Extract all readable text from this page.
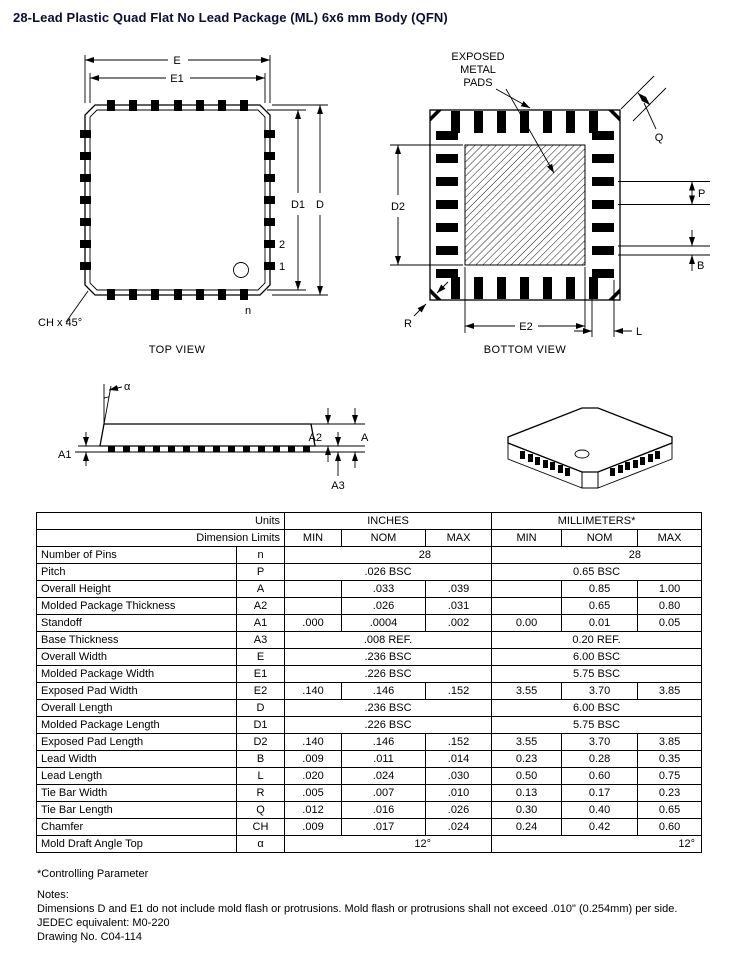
28-Lead Plastic Quad Flat No Lead Package (ML) 6x6 mm Body (QFN)
E
E1
D1 D
2
1
n
CH x 45°
TOP VIEW
EXPOSED
METAL
PADS
D2
E2
Q
P
B
L
R
BOTTOM VIEW
α
A1
A2	A
A3
Units		INCHES			MILLIMETERS*		
Dimension Limits		MIN	NOM	MAX	MIN	NOM	MAX
Number of Pins	n	28			28		
Pitch	P	.026 BSC			0.65 BSC		
Overall Height	A		.033	.039		0.85	1.00
Molded Package Thickness	A2		.026	.031		0.65	0.80
Standoff	A1	.000	.0004	.002	0.00	0.01	0.05
Base Thickness	A3	.008 REF.			0.20 REF.		
Overall Width	E	.236 BSC			6.00 BSC		
Molded Package Width	E1	.226 BSC			5.75 BSC		
Exposed Pad Width	E2	.140	.146	.152	3.55	3.70	3.85
Overall Length	D	.236 BSC			6.00 BSC		
Molded Package Length	D1	.226 BSC			5.75 BSC		
Exposed Pad Length	D2	.140	.146	.152	3.55	3.70	3.85
Lead Width	B	.009	.011	.014	0.23	0.28	0.35
Lead Length	L	.020	.024	.030	0.50	0.60	0.75
Tie Bar Width	R	.005	.007	.010	0.13	0.17	0.23
Tie Bar Length	Q	.012	.016	.026	0.30	0.40	0.65
Chamfer	CH	.009	.017	.024	0.24	0.42	0.60
Mold Draft Angle Top	α	12°			12°		
*Controlling Parameter
Notes:
Dimensions D and E1 do not include mold flash or protrusions. Mold flash or protrusions shall not exceed .010" (0.254mm) per side.
JEDEC equivalent: M0-220
Drawing No. C04-114
